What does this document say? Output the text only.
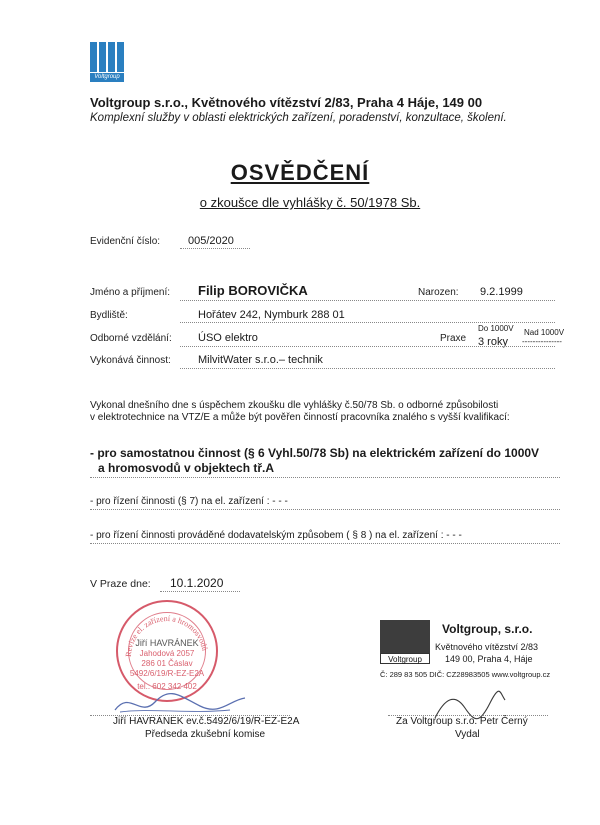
Voltgroup
Voltgroup s.r.o., Květnového vítězství 2/83, Praha 4 Háje, 149 00
Komplexní služby v oblasti elektrických zařízení, poradenství, konzultace, školení.
OSVĚDČENÍ
o zkoušce dle vyhlášky č. 50/1978 Sb.
Evidenční číslo:	005/2020
Jméno a příjmení: Filip BOROVIČKA	Narozen: 9.2.1999
Bydliště:	Hořátev 242, Nymburk 288 01
Odborné vzdělání: ÚSO elektro	Praxe
Do 1000V Nad 1000V
3 roky ---------------
Vykonává činnost: MilvitWater s.r.o.– technik
Vykonal dnešního dne s úspěchem zkoušku dle vyhlášky č.50/78 Sb. o odborné způsobilosti
v elektrotechnice na VTZ/E a může být pověřen činností pracovníka znalého s vyšší kvalifikací:
- pro samostatnou činnost (§ 6 Vyhl.50/78 Sb) na elektrickém zařízení do 1000V
a hromosvodů v objektech tř.A
- pro řízení činnosti (§ 7) na el. zařízení : - - -
- pro řízení činnosti prováděné dodavatelským způsobem ( § 8 ) na el. zařízení : - - -
V Praze dne: 10.1.2020
Revize el. zařízení a hromosvodů
Jiří HAVRÁNEK
Jahodová 2057
286 01 Čáslav
5492/6/19/R-EZ-E2A
tel.: 602 342 402
Voltgroup
Voltgroup, s.r.o.
Květnového vítězství 2/83
149 00, Praha 4, Háje
Č: 289 83 505 DIČ: CZ28983505 www.voltgroup.cz
Jiří HAVRÁNEK ev.č.5492/6/19/R-EZ-E2A
Předseda zkušební komise
Za Voltgroup s.r.o. Petr Černý
Vydal
